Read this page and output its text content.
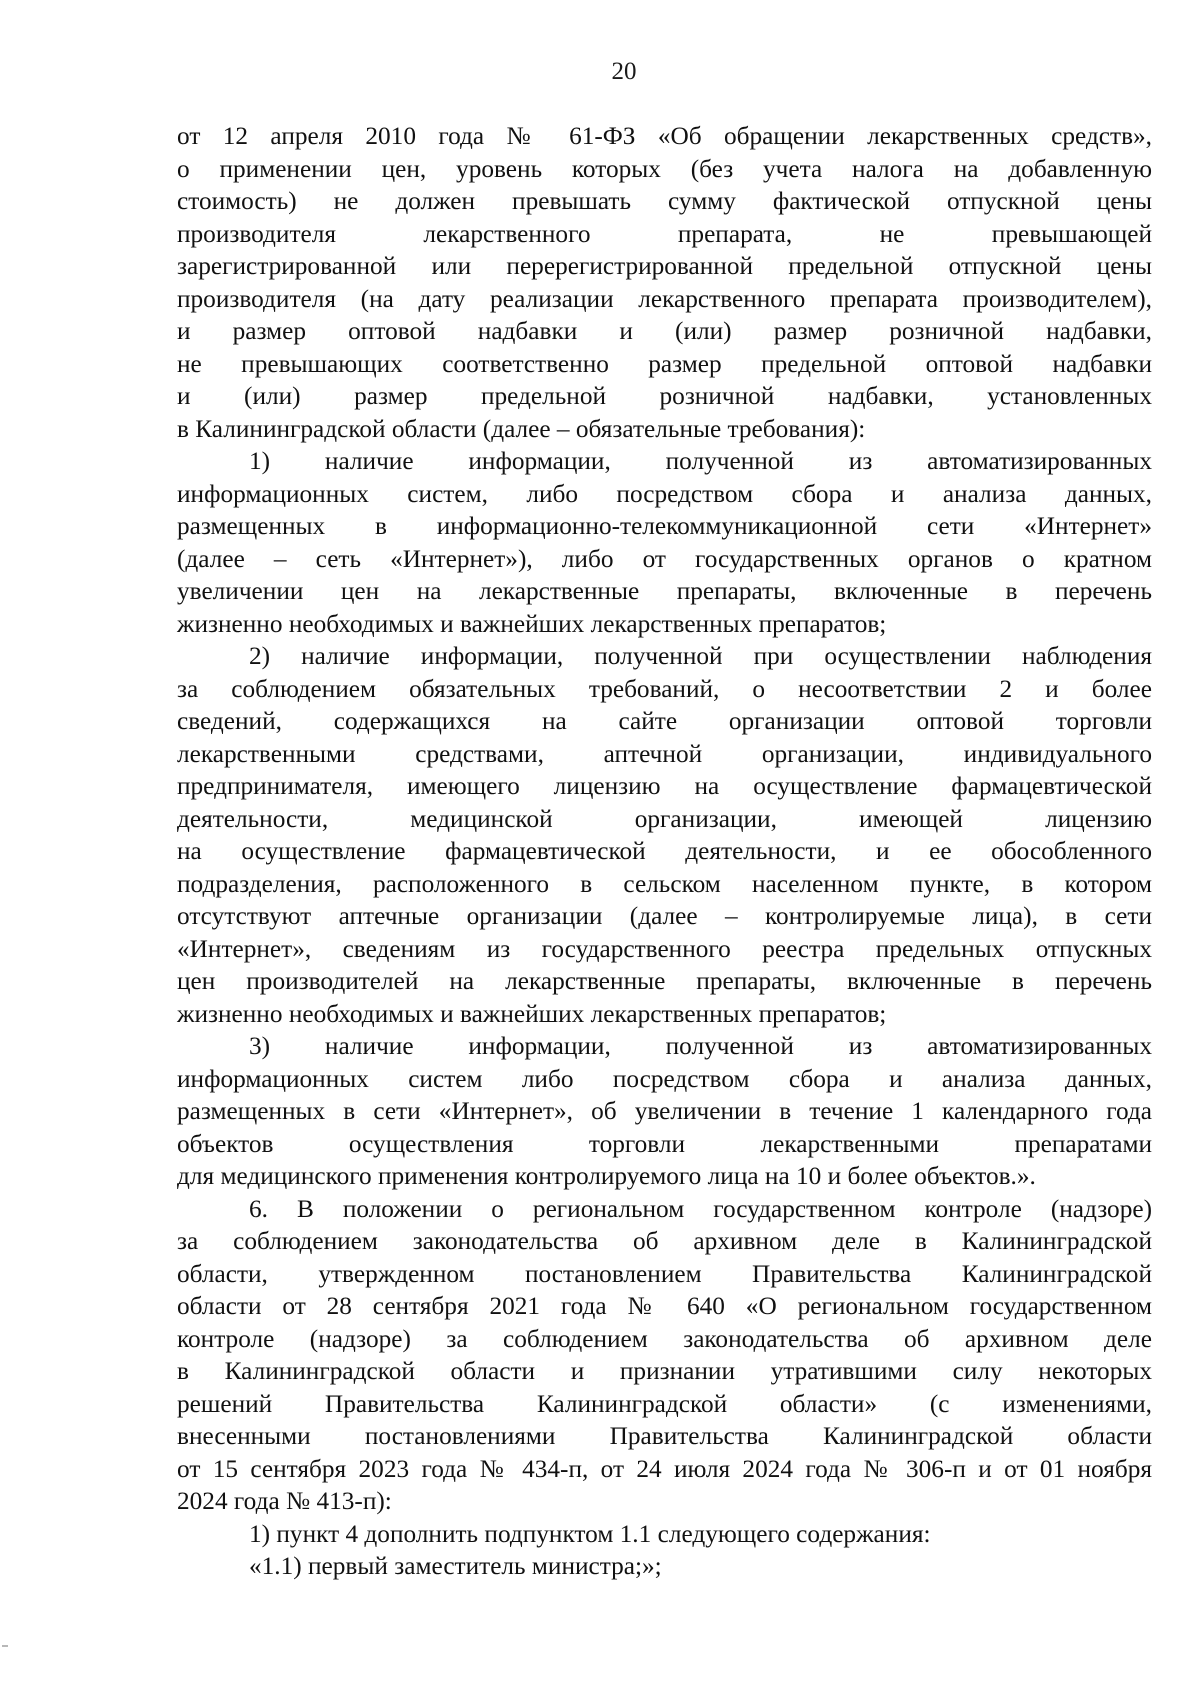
20
от 12 апреля 2010 года № 61-ФЗ «Об обращении лекарственных средств»,
о применении цен, уровень которых (без учета налога на добавленную
стоимость) не должен превышать сумму фактической отпускной цены
производителя лекарственного препарата, не превышающей
зарегистрированной или перерегистрированной предельной отпускной цены
производителя (на дату реализации лекарственного препарата производителем),
и размер оптовой надбавки и (или) размер розничной надбавки,
не превышающих соответственно размер предельной оптовой надбавки
и (или) размер предельной розничной надбавки, установленных
в Калининградской области (далее – обязательные требования):
1) наличие информации, полученной из автоматизированных
информационных систем, либо посредством сбора и анализа данных,
размещенных в информационно-телекоммуникационной сети «Интернет»
(далее – сеть «Интернет»), либо от государственных органов о кратном
увеличении цен на лекарственные препараты, включенные в перечень
жизненно необходимых и важнейших лекарственных препаратов;
2) наличие информации, полученной при осуществлении наблюдения
за соблюдением обязательных требований, о несоответствии 2 и более
сведений, содержащихся на сайте организации оптовой торговли
лекарственными средствами, аптечной организации, индивидуального
предпринимателя, имеющего лицензию на осуществление фармацевтической
деятельности, медицинской организации, имеющей лицензию
на осуществление фармацевтической деятельности, и ее обособленного
подразделения, расположенного в сельском населенном пункте, в котором
отсутствуют аптечные организации (далее – контролируемые лица), в сети
«Интернет», сведениям из государственного реестра предельных отпускных
цен производителей на лекарственные препараты, включенные в перечень
жизненно необходимых и важнейших лекарственных препаратов;
3) наличие информации, полученной из автоматизированных
информационных систем либо посредством сбора и анализа данных,
размещенных в сети «Интернет», об увеличении в течение 1 календарного года
объектов осуществления торговли лекарственными препаратами
для медицинского применения контролируемого лица на 10 и более объектов.».
6. В положении о региональном государственном контроле (надзоре)
за соблюдением законодательства об архивном деле в Калининградской
области, утвержденном постановлением Правительства Калининградской
области от 28 сентября 2021 года № 640 «О региональном государственном
контроле (надзоре) за соблюдением законодательства об архивном деле
в Калининградской области и признании утратившими силу некоторых
решений Правительства Калининградской области» (с изменениями,
внесенными постановлениями Правительства Калининградской области
от 15 сентября 2023 года № 434-п, от 24 июля 2024 года № 306-п и от 01 ноября
2024 года № 413-п):
1) пункт 4 дополнить подпунктом 1.1 следующего содержания:
«1.1) первый заместитель министра;»;
